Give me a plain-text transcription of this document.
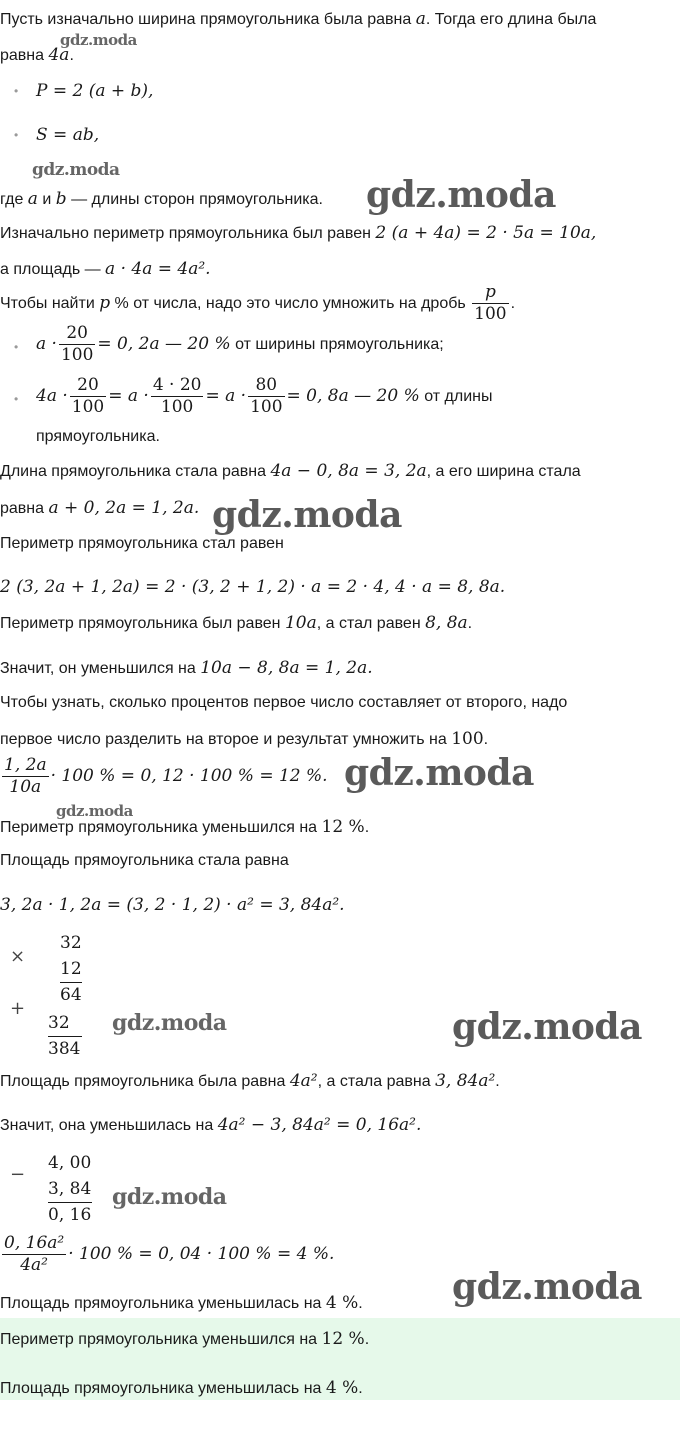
Пусть изначально ширина прямоугольника была равна a. Тогда его длина была
равна 4a.
gdz.moda
• P = 2 (a + b),
• S = ab,
gdz.moda
где a и b — длины сторон прямоугольника. gdz.moda
Изначально периметр прямоугольника был равен 2 (a + 4a) = 2 · 5a = 10a,
а площадь — a · 4a = 4a².
Чтобы найти p % от числа, надо это число умножить на дробь $\frac{p}{100}$ .
• $a \cdot \frac{20}{100} = 0$, 2a — 20 % от ширины прямоугольника;
• $4a \cdot \frac{20}{100} = a \cdot \frac{4 \cdot 20}{100} = a \cdot \frac{80}{100} = 0$, 8a — 20 % от длины
прямоугольника.
Длина прямоугольника стала равна 4a − 0, 8a = 3, 2a, а его ширина стала
равна a + 0, 2a = 1, 2a. gdz.moda
Периметр прямоугольника стал равен
2 (3, 2a + 1, 2a) = 2 · (3, 2 + 1, 2) · a = 2 · 4, 4 · a = 8, 8a.
Периметр прямоугольника был равен 10a, а стал равен 8, 8a.
Значит, он уменьшился на 10a − 8, 8a = 1, 2a.
Чтобы узнать, сколько процентов первое число составляет от второго, надо
первое число разделить на второе и результат умножить на 100.
$\frac{1, 2a}{10a} \cdot 100$ % = 0, 12 · 100 % = 12 %. gdz.moda
gdz.moda
Периметр прямоугольника уменьшился на 12 %.
Площадь прямоугольника стала равна
3, 2a · 1, 2a = (3, 2 · 1, 2) · a² = 3, 84a².
×
+
32
12
64
32
384
gdz.moda	gdz.moda
Площадь прямоугольника была равна 4a², а стала равна 3, 84a².
Значит, она уменьшилась на 4a² − 3, 84a² = 0, 16a².
−
4, 00
3, 84
0, 16
gdz.moda
$\frac{\text{0, 16a²}}{\text{4a²}} \cdot 100$ % = 0, 04 · 100 % = 4 %.
gdz.moda
Площадь прямоугольника уменьшилась на 4 %.
Периметр прямоугольника уменьшился на 12 %.
Площадь прямоугольника уменьшилась на 4 %.
